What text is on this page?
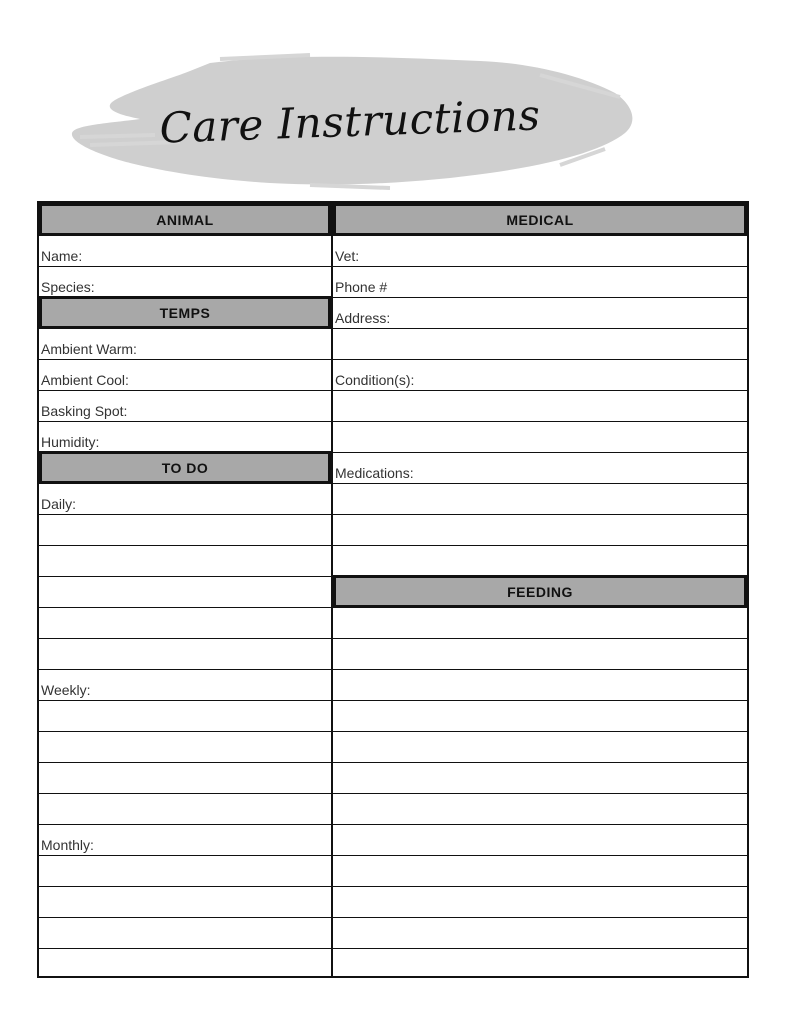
Care Instructions
ANIMAL
Name:
Species:
TEMPS
Ambient Warm:
Ambient Cool:
Basking Spot:
Humidity:
TO DO
Daily:
Weekly:
Monthly:
MEDICAL
Vet:
Phone #
Address:
Condition(s):
Medications:
FEEDING
